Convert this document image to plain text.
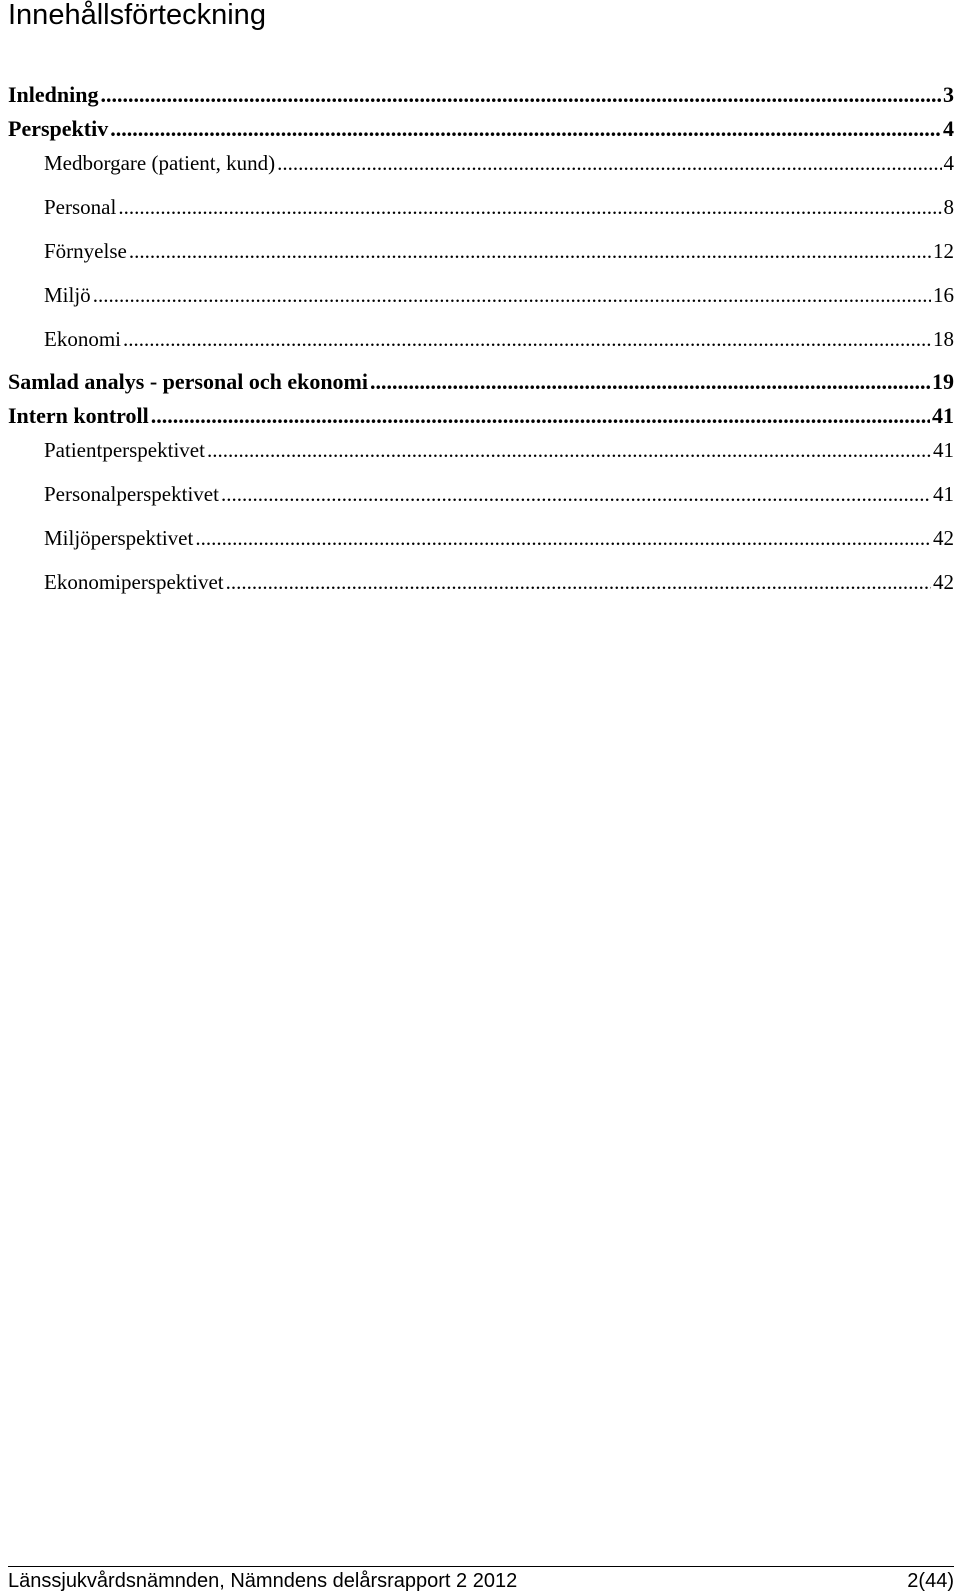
Innehållsförteckning
Inledning .....	3
Perspektiv .....	4
Medborgare (patient, kund) .....	4
Personal .....	8
Förnyelse .....	12
Miljö .....	16
Ekonomi .....	18
Samlad analys - personal och ekonomi .....	19
Intern kontroll .....	41
Patientperspektivet .....	41
Personalperspektivet .....	41
Miljöperspektivet .....	42
Ekonomiperspektivet .....	42
Länssjukvårdsnämnden, Nämndens delårsrapport 2 2012	2(44)
